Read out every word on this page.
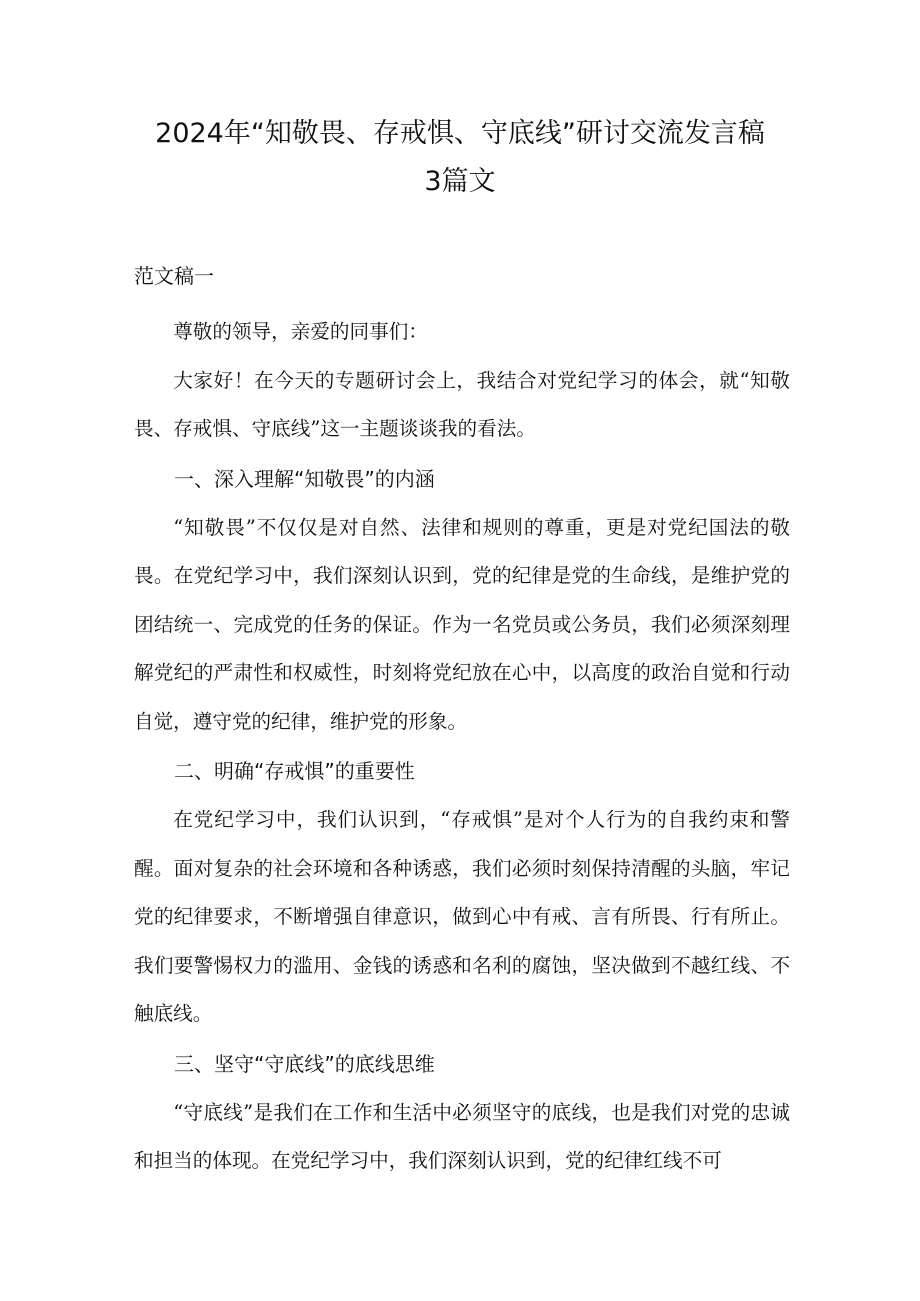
2024年“知敬畏、存戒惧、守底线”研讨交流发言稿
3篇文
范文稿一

尊敬的领导，亲爱的同事们：

大家好！在今天的专题研讨会上，我结合对党纪学习的体会，就“知敬畏、存戒惧、守底线”这一主题谈谈我的看法。

一、深入理解“知敬畏”的内涵

“知敬畏”不仅仅是对自然、法律和规则的尊重，更是对党纪国法的敬畏。在党纪学习中，我们深刻认识到，党的纪律是党的生命线，是维护党的团结统一、完成党的任务的保证。作为一名党员或公务员，我们必须深刻理解党纪的严肃性和权威性，时刻将党纪放在心中，以高度的政治自觉和行动自觉，遵守党的纪律，维护党的形象。

二、明确“存戒惧”的重要性

在党纪学习中，我们认识到，“存戒惧”是对个人行为的自我约束和警醒。面对复杂的社会环境和各种诱惑，我们必须时刻保持清醒的头脑，牢记党的纪律要求，不断增强自律意识，做到心中有戒、言有所畏、行有所止。我们要警惕权力的滥用、金钱的诱惑和名利的腐蚀，坚决做到不越红线、不触底线。

三、坚守“守底线”的底线思维

“守底线”是我们在工作和生活中必须坚守的底线，也是我们对党的忠诚和担当的体现。在党纪学习中，我们深刻认识到，党的纪律红线不可
